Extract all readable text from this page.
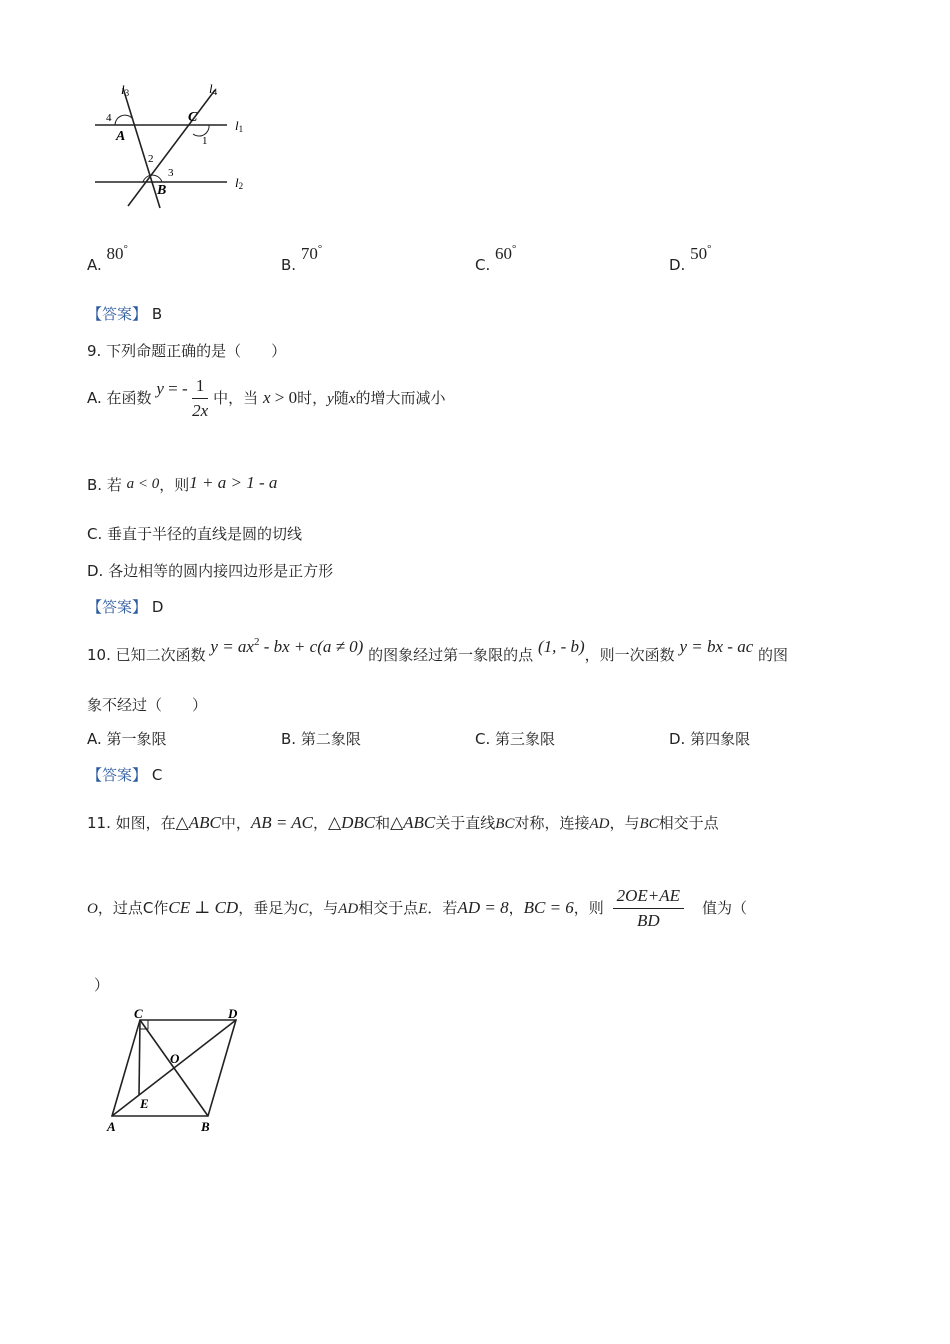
l3	l4
l1
l2
A
C
B
4
1
2
3
A. 80°
B. 70°
C. 60°
D. 50°
【答案】 B
9. 下列命题正确的是（　　）
A. 在函数 y = - $\frac{1}{2x}$ 中，当 x > 0时，y随x的增大而减小
B. 若 a < 0，则1 + a > 1 - a
C. 垂直于半径的直线是圆的切线
D. 各边相等的圆内接四边形是正方形
【答案】 D
10. 已知二次函数 $y = ax^2$ - bx + c(a ≠ 0) 的图象经过第一象限的点 (1, - b)，则一次函数 y = bx - ac 的图
象不经过（　　）
A. 第一象限	B. 第二象限	C. 第三象限	D. 第四象限
【答案】 C
11. 如图，在△ABC中，AB = AC，△DBC和△ABC关于直线BC对称，连接AD，与BC相交于点
O，过点C作CE ⊥ CD，垂足为C，与AD相交于点E．若AD = 8，BC = 6，则 $\frac{2OE+AE}{BD}$ 值为（
）
C	D
O
E
A	B
